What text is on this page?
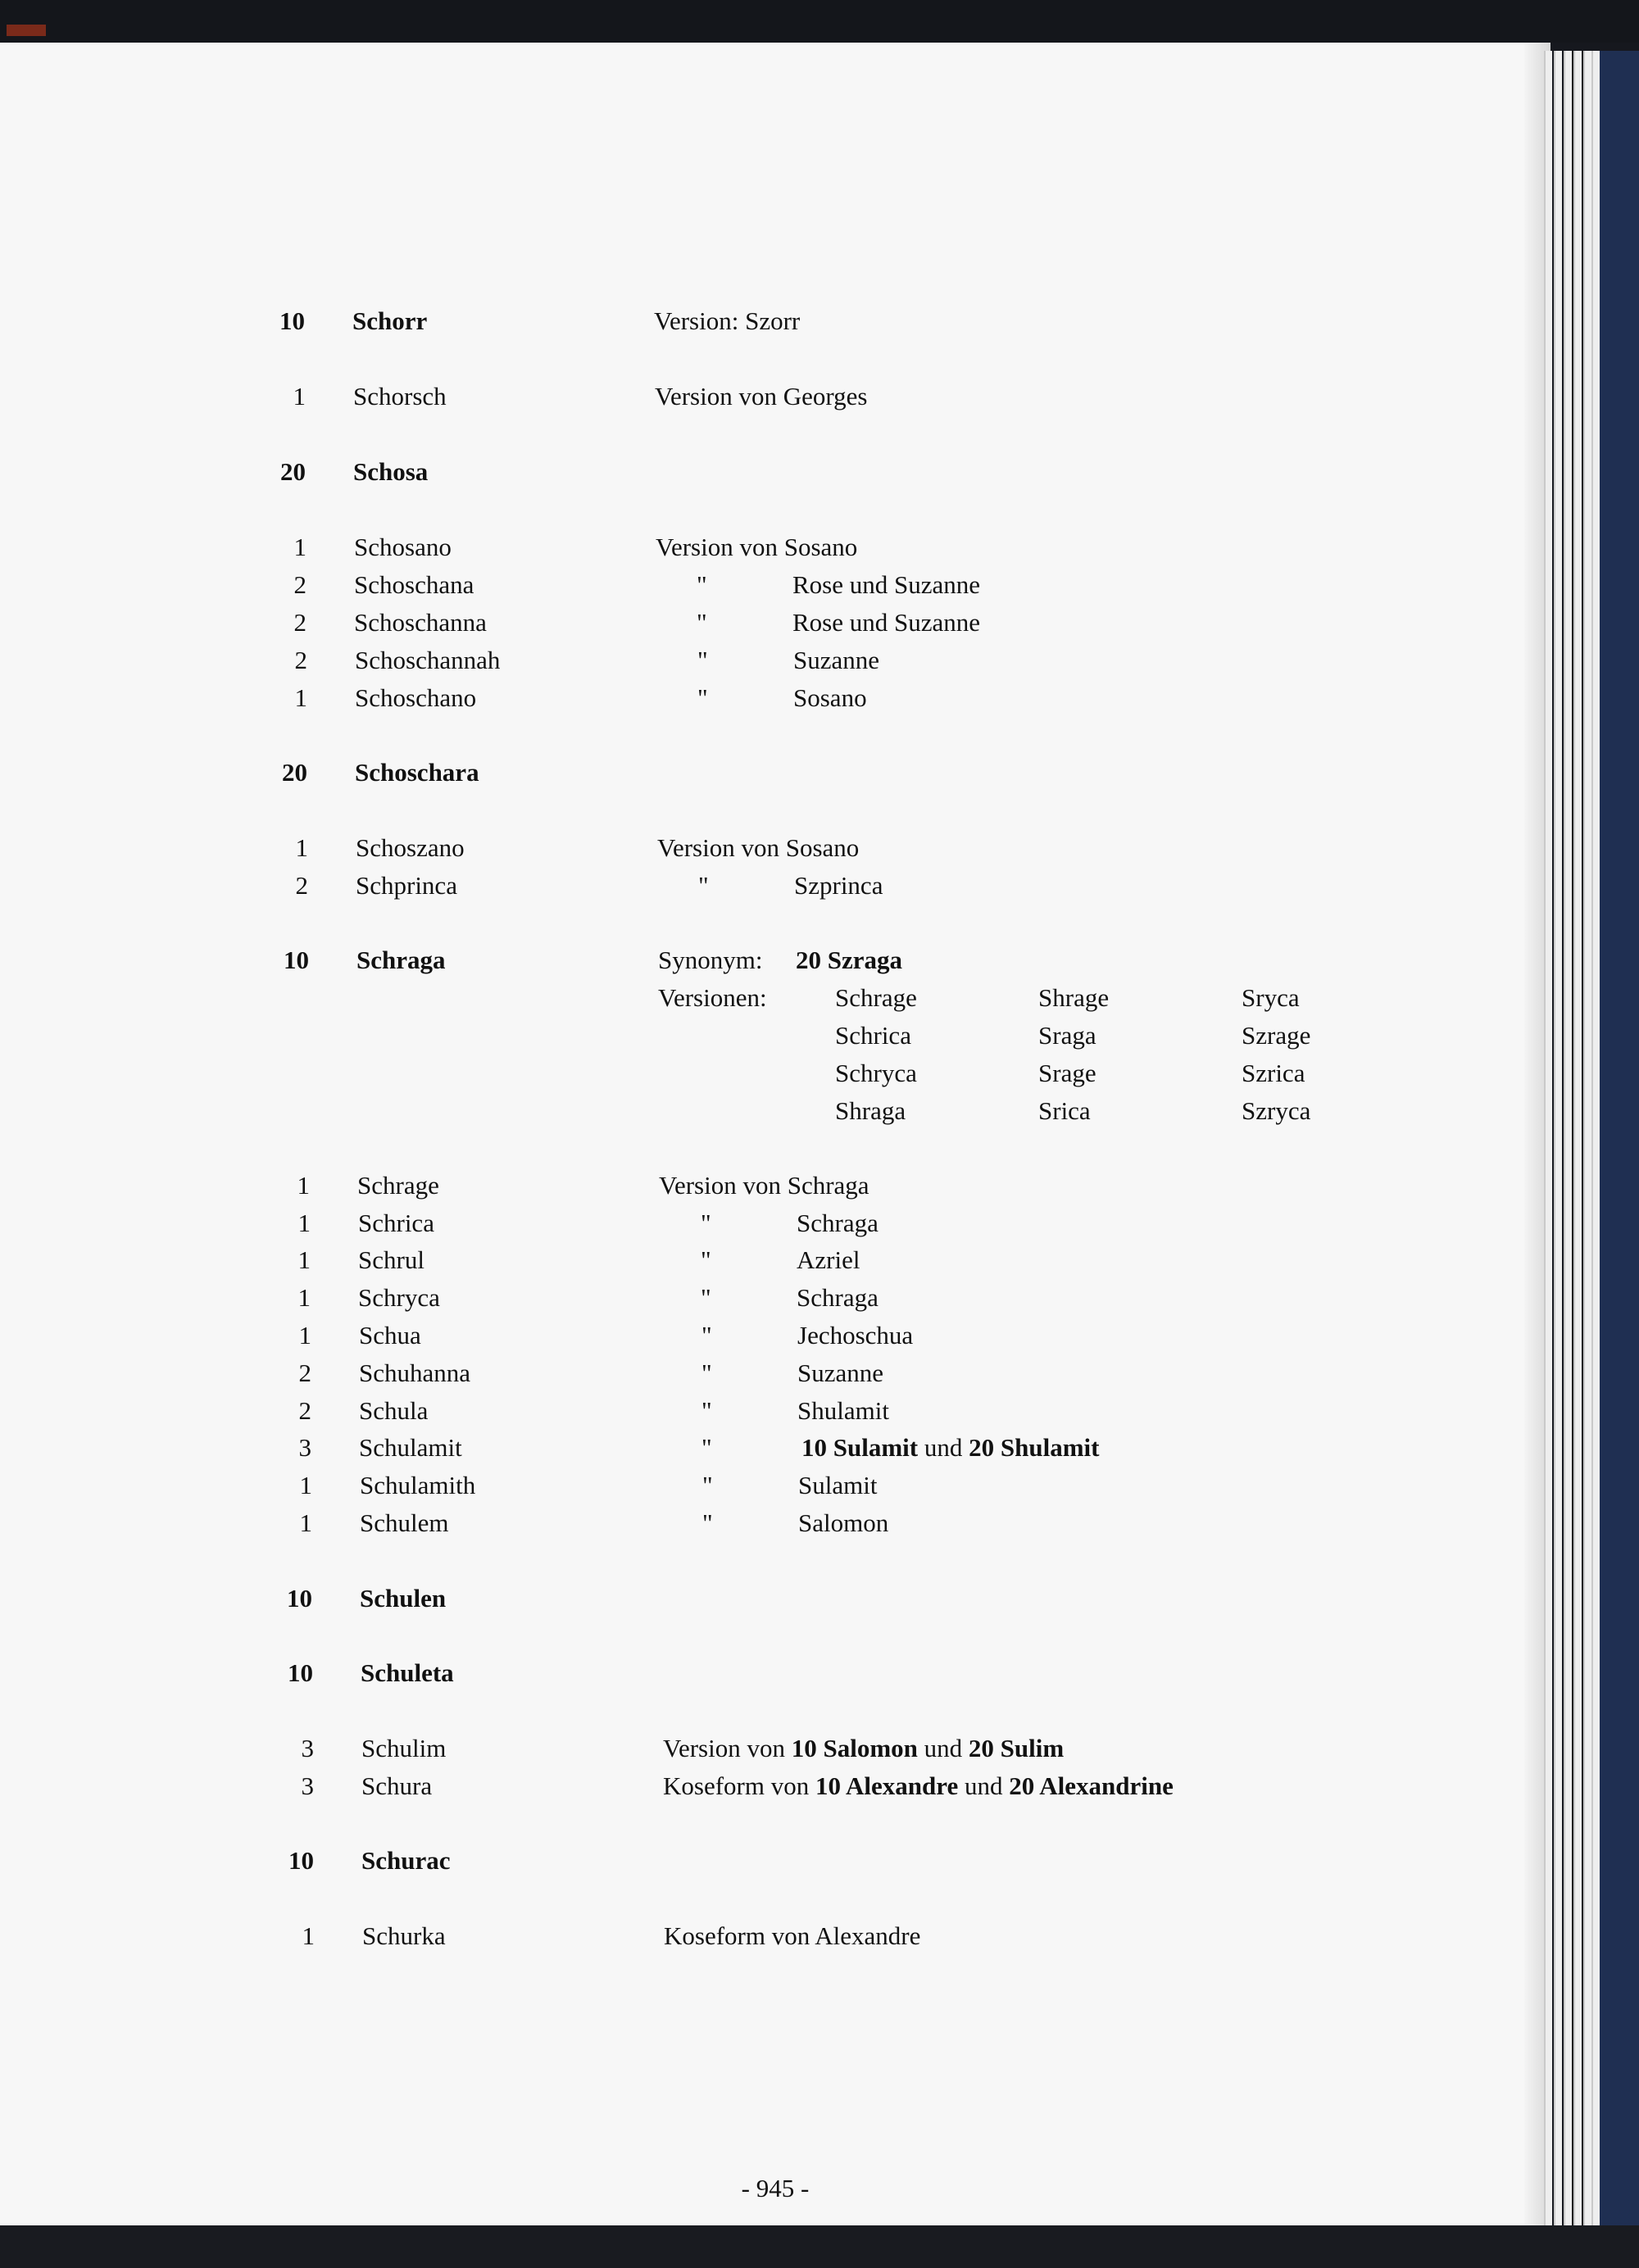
10 Schorr	Version: Szorr
1 Schorsch	Version von Georges
20 Schosa
1 Schosano	Version von Sosano
2 Schoschana	"	Rose und Suzanne
2 Schoschanna	"	Rose und Suzanne
2 Schoschannah	"	Suzanne
1 Schoschano	"	Sosano
20 Schoschara
1 Schoszano	Version von Sosano
2 Schprinca	"	Szprinca
10 Schraga	Synonym: 20 Szraga
Versionen:	Schrage	Shrage	Sryca
Schrica	Sraga	Szrage
Schryca	Srage	Szrica
Shraga	Srica	Szryca
1 Schrage	Version von Schraga
1 Schrica	"	Schraga
1 Schrul	"	Azriel
1 Schryca	"	Schraga
1 Schua	"	Jechoschua
2 Schuhanna	"	Suzanne
2 Schula	"	Shulamit
3 Schulamit	"	10 Sulamit und 20 Shulamit
1 Schulamith	"	Sulamit
1 Schulem	"	Salomon
10 Schulen
10 Schuleta
3 Schulim	Version von 10 Salomon und 20 Sulim
3 Schura	Koseform von 10 Alexandre und 20 Alexandrine
10 Schurac
1 Schurka	Koseform von Alexandre
- 945 -
